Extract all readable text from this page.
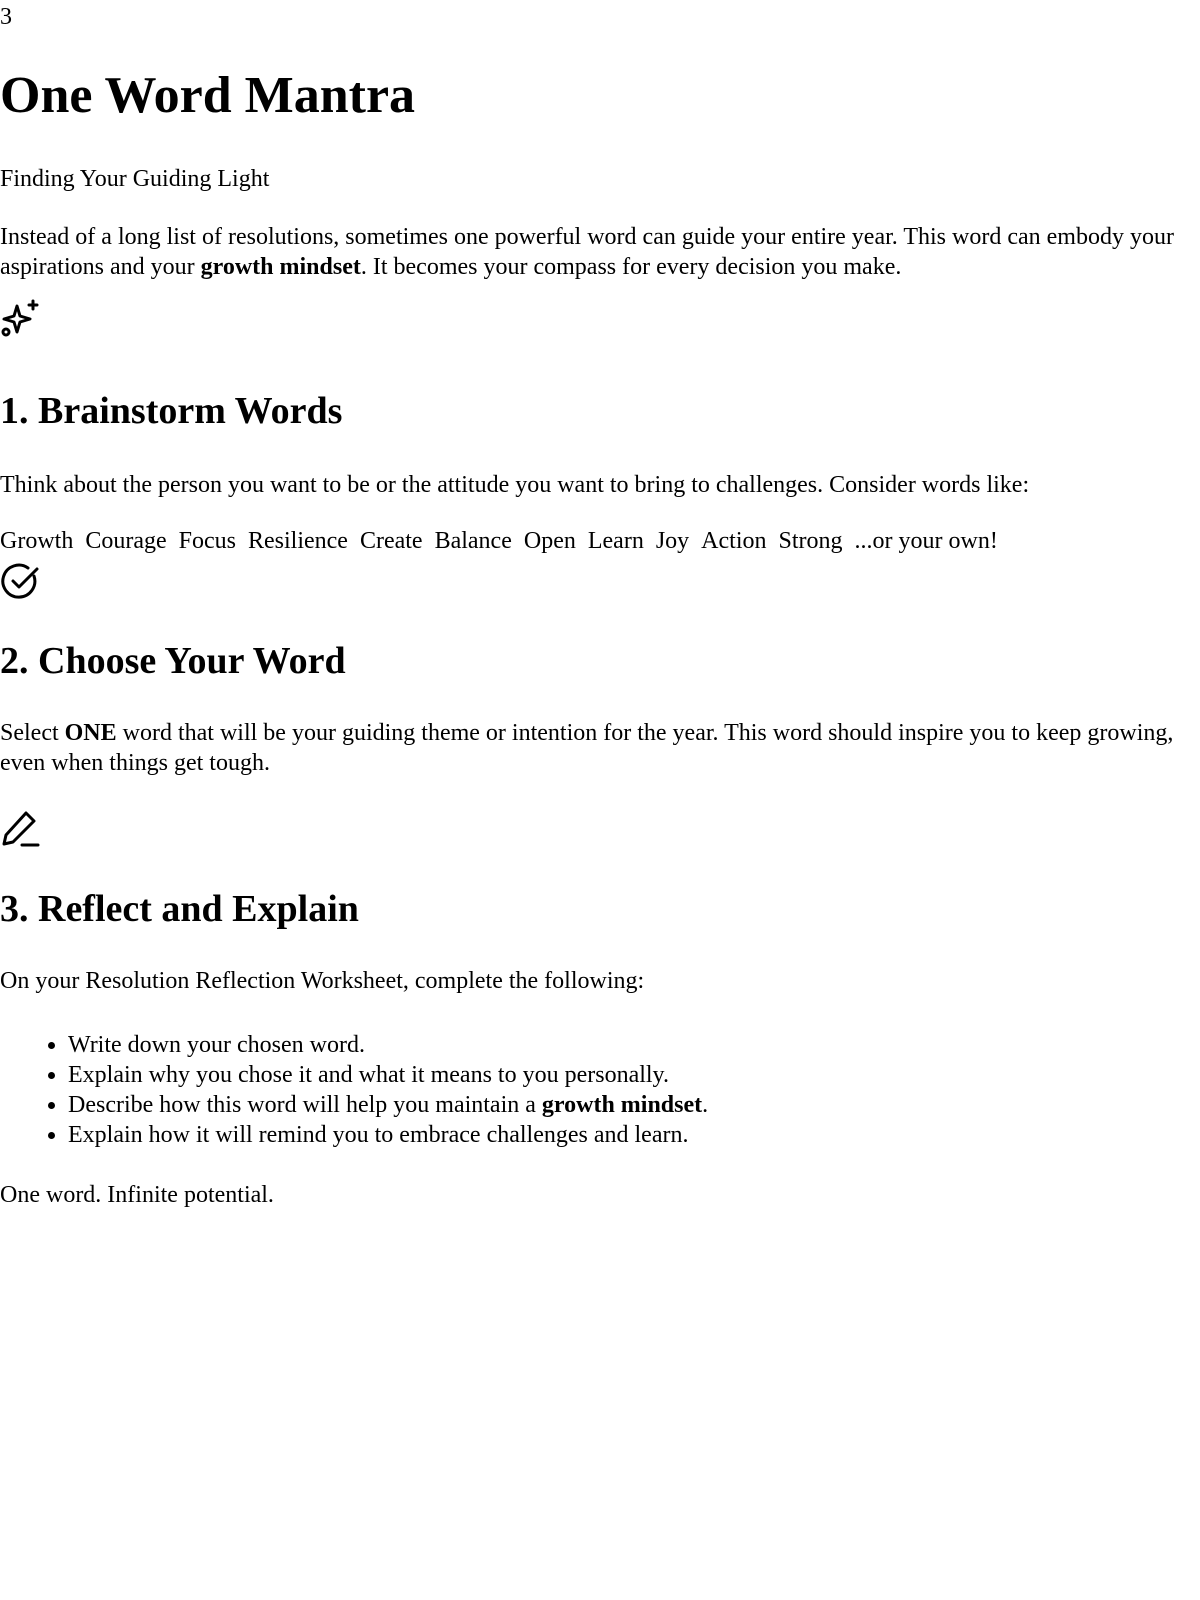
3
One Word Mantra

Finding Your Guiding Light

Instead of a long list of resolutions, sometimes one powerful word can guide your entire year. This word can embody your aspirations and your growth mindset. It becomes your compass for every decision you make.

1. Brainstorm Words

Think about the person you want to be or the attitude you want to bring to challenges. Consider words like:

Growth Courage Focus Resilience Create Balance Open Learn Joy Action Strong ...or your own!

2. Choose Your Word

Select ONE word that will be your guiding theme or intention for the year. This word should inspire you to keep growing, even when things get tough.

3. Reflect and Explain

On your Resolution Reflection Worksheet, complete the following:

• Write down your chosen word.
• Explain why you chose it and what it means to you personally.
• Describe how this word will help you maintain a growth mindset.
• Explain how it will remind you to embrace challenges and learn.

One word. Infinite potential.
